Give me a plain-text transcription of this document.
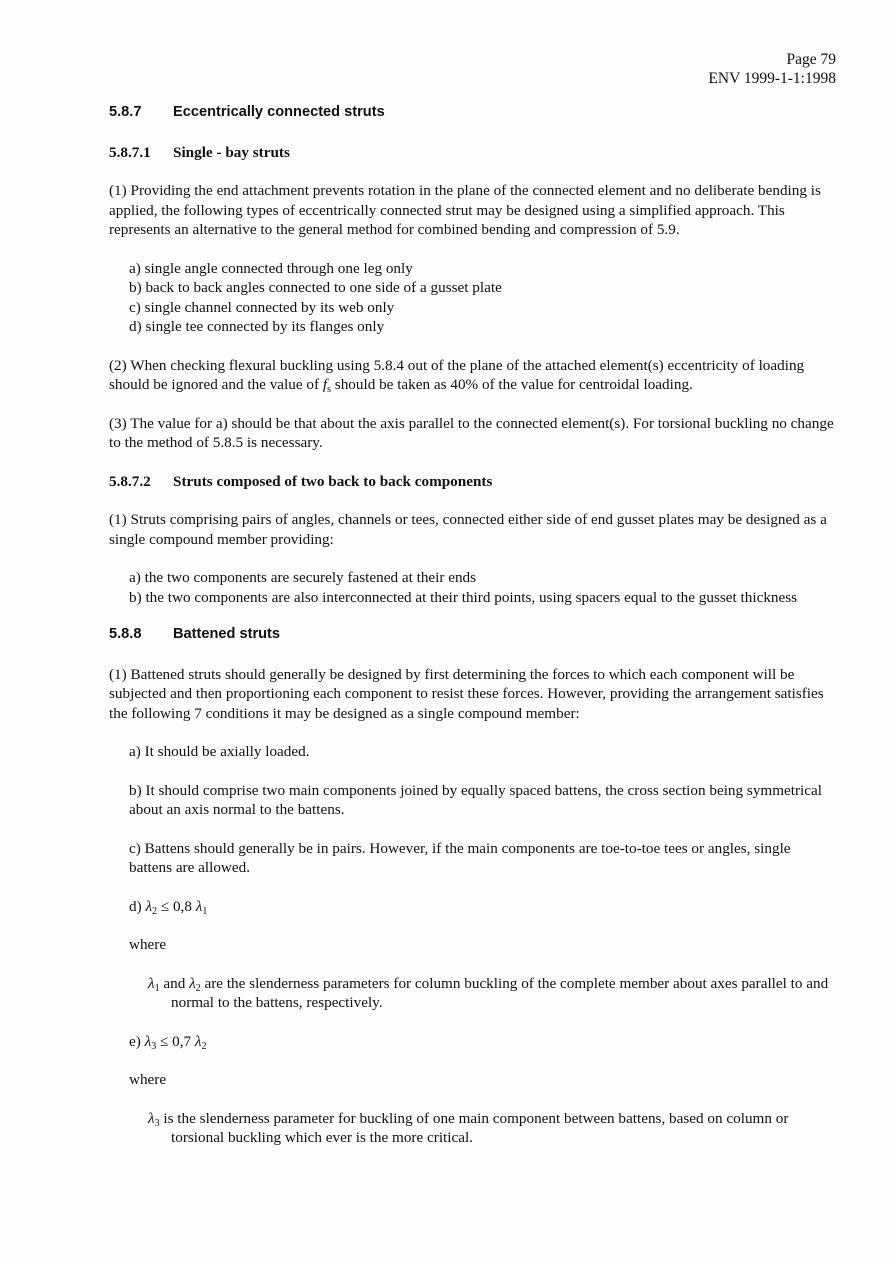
Page 79
ENV 1999-1-1:1998
5.8.7 Eccentrically connected struts
5.8.7.1 Single - bay struts

(1) Providing the end attachment prevents rotation in the plane of the connected element and no deliberate bending is applied, the following types of eccentrically connected strut may be designed using a simplified approach. This represents an alternative to the general method for combined bending and compression of 5.9.

a) single angle connected through one leg only

b) back to back angles connected to one side of a gusset plate

c) single channel connected by its web only

d) single tee connected by its flanges only

(2) When checking flexural buckling using 5.8.4 out of the plane of the attached element(s) eccentricity of loading should be ignored and the value of $f_s$ should be taken as 40% of the value for centroidal loading.

(3) The value for a) should be that about the axis parallel to the connected element(s). For torsional buckling no change to the method of 5.8.5 is necessary.

5.8.7.2 Struts composed of two back to back components

(1) Struts comprising pairs of angles, channels or tees, connected either side of end gusset plates may be designed as a single compound member providing:

a) the two components are securely fastened at their ends

b) the two components are also interconnected at their third points, using spacers equal to the gusset thickness

5.8.8 Battened struts

(1) Battened struts should generally be designed by first determining the forces to which each component will be subjected and then proportioning each component to resist these forces. However, providing the arrangement satisfies the following 7 conditions it may be designed as a single compound member:

a) It should be axially loaded.

b) It should comprise two main components joined by equally spaced battens, the cross section being symmetrical about an axis normal to the battens.

c) Battens should generally be in pairs. However, if the main components are toe-to-toe tees or angles, single battens are allowed.

d) $\lambda_2 \le 0,8$ $\lambda_1$

where

$\lambda_1$ and $\lambda_2$ are the slenderness parameters for column buckling of the complete member about axes parallel to and normal to the battens, respectively.

e) $\lambda_3 \le 0,7$ $\lambda_2$

where

$\lambda_3$ is the slenderness parameter for buckling of one main component between battens, based on column or torsional buckling which ever is the more critical.
